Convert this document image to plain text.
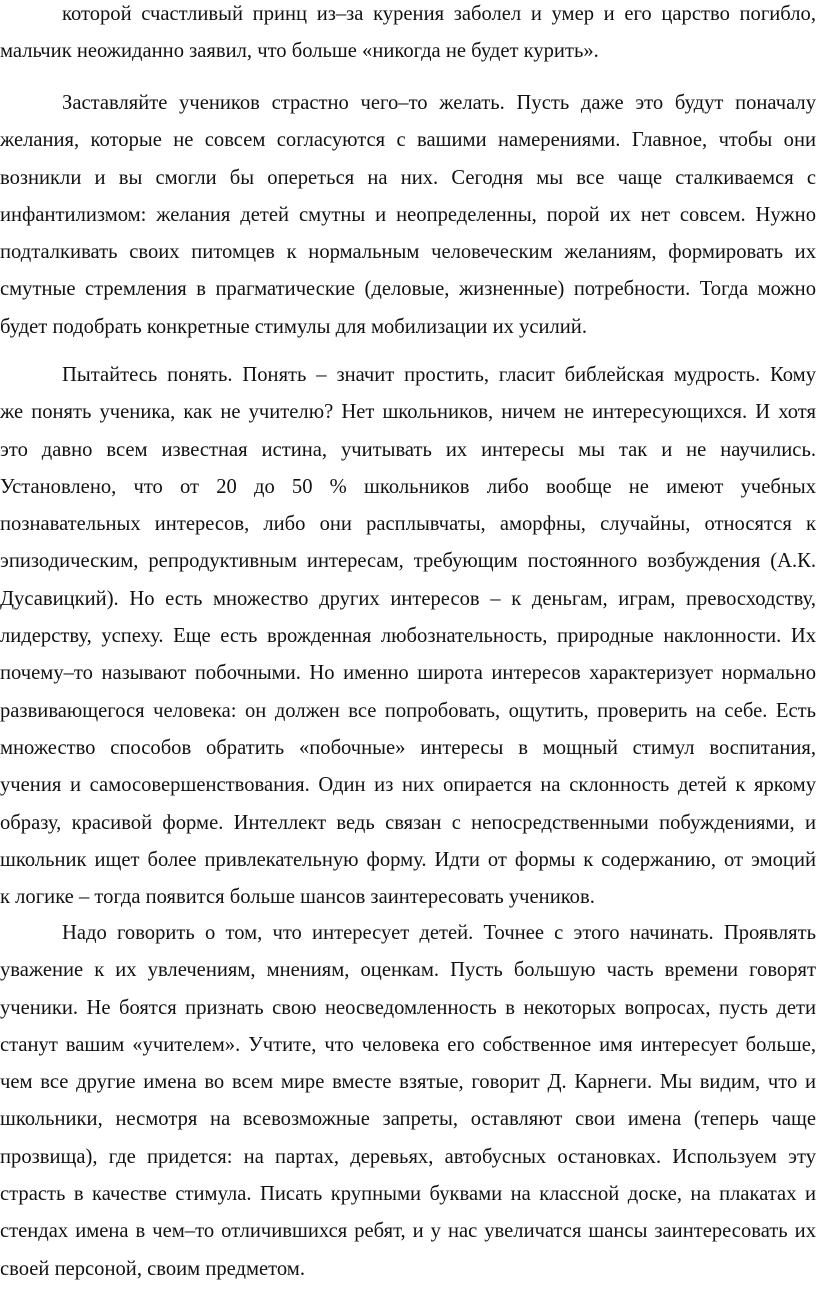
которой счастливый принц из–за курения заболел и умер и его царство погибло,
мальчик неожиданно заявил, что больше «никогда не будет курить».
Заставляйте учеников страстно чего–то желать. Пусть даже это будут поначалу
желания, которые не совсем согласуются с вашими намерениями. Главное, чтобы они
возникли и вы смогли бы опереться на них. Сегодня мы все чаще сталкиваемся с
инфантилизмом: желания детей смутны и неопределенны, порой их нет совсем. Нужно
подталкивать своих питомцев к нормальным человеческим желаниям, формировать их
смутные стремления в прагматические (деловые, жизненные) потребности. Тогда можно
будет подобрать конкретные стимулы для мобилизации их усилий.
Пытайтесь понять. Понять – значит простить, гласит библейская мудрость. Кому
же понять ученика, как не учителю? Нет школьников, ничем не интересующихся. И хотя
это давно всем известная истина, учитывать их интересы мы так и не научились.
Установлено, что от 20 до 50 % школьников либо вообще не имеют учебных
познавательных интересов, либо они расплывчаты, аморфны, случайны, относятся к
эпизодическим, репродуктивным интересам, требующим постоянного возбуждения (А.К.
Дусавицкий). Но есть множество других интересов – к деньгам, играм, превосходству,
лидерству, успеху. Еще есть врожденная любознательность, природные наклонности. Их
почему–то называют побочными. Но именно широта интересов характеризует нормально
развивающегося человека: он должен все попробовать, ощутить, проверить на себе. Есть
множество способов обратить «побочные» интересы в мощный стимул воспитания,
учения и самосовершенствования. Один из них опирается на склонность детей к яркому
образу, красивой форме. Интеллект ведь связан с непосредственными побуждениями, и
школьник ищет более привлекательную форму. Идти от формы к содержанию, от эмоций
к логике – тогда появится больше шансов заинтересовать учеников.
Надо говорить о том, что интересует детей. Точнее с этого начинать. Проявлять
уважение к их увлечениям, мнениям, оценкам. Пусть большую часть времени говорят
ученики. Не боятся признать свою неосведомленность в некоторых вопросах, пусть дети
станут вашим «учителем». Учтите, что человека его собственное имя интересует больше,
чем все другие имена во всем мире вместе взятые, говорит Д. Карнеги. Мы видим, что и
школьники, несмотря на всевозможные запреты, оставляют свои имена (теперь чаще
прозвища), где придется: на партах, деревьях, автобусных остановках. Используем эту
страсть в качестве стимула. Писать крупными буквами на классной доске, на плакатах и
стендах имена в чем–то отличившихся ребят, и у нас увеличатся шансы заинтересовать их
своей персоной, своим предметом.
